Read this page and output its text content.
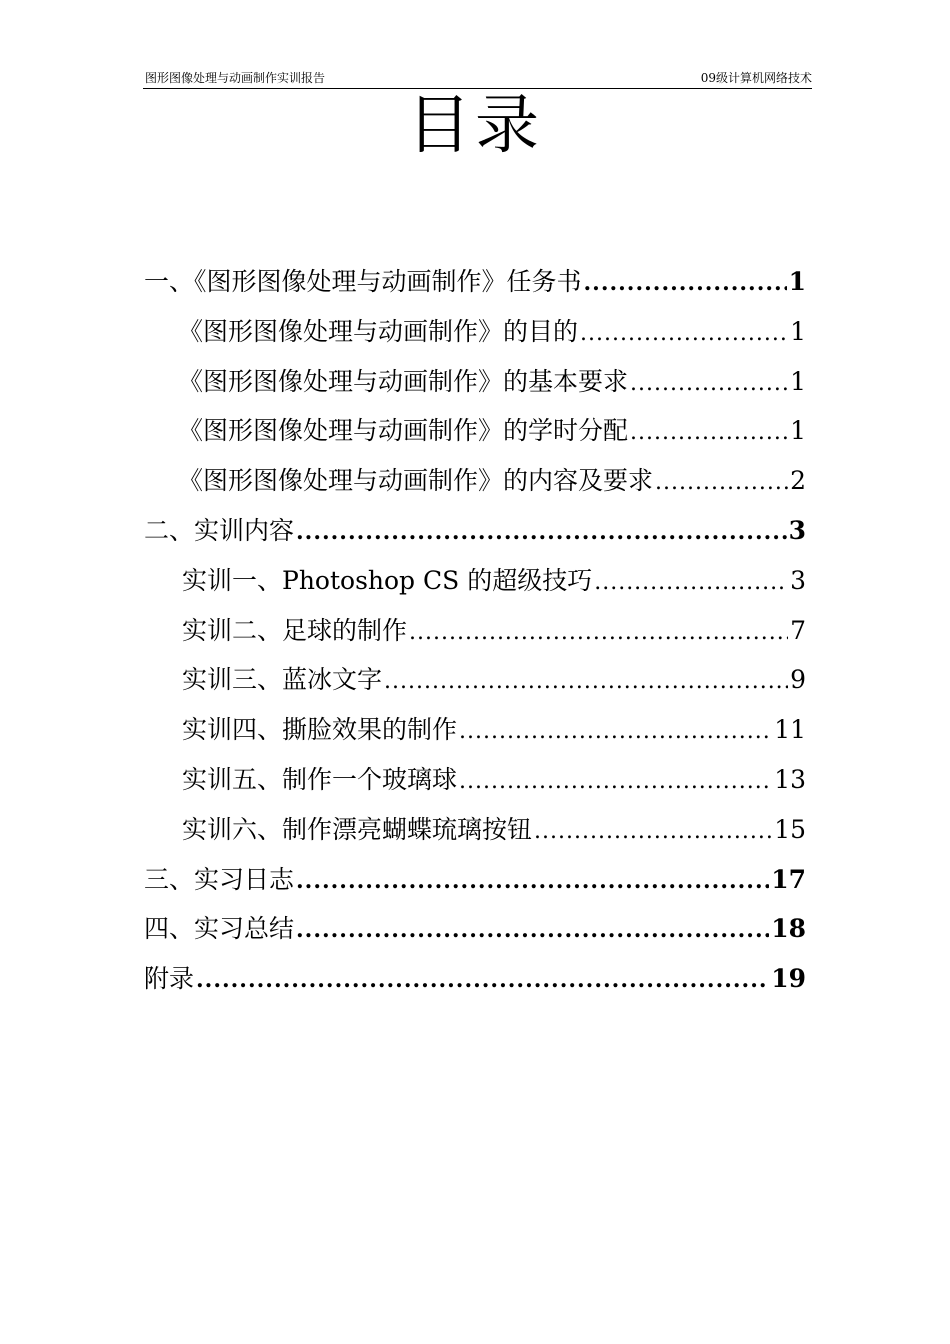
图形图像处理与动画制作实训报告	09级计算机网络技术
目录
一、《图形图像处理与动画制作》任务书 .....	1
《图形图像处理与动画制作》的目的 .....	1
《图形图像处理与动画制作》的基本要求 .....	1
《图形图像处理与动画制作》的学时分配 .....	1
《图形图像处理与动画制作》的内容及要求 .....	2
二、实训内容 .....	3
实训一、Photoshop CS 的超级技巧 .....	3
实训二、足球的制作 .....	7
实训三、蓝冰文字 .....	9
实训四、撕脸效果的制作 .....	11
实训五、制作一个玻璃球 .....	13
实训六、制作漂亮蝴蝶琉璃按钮 .....	15
三、实习日志 .....	17
四、实习总结 .....	18
附录 .....	19
